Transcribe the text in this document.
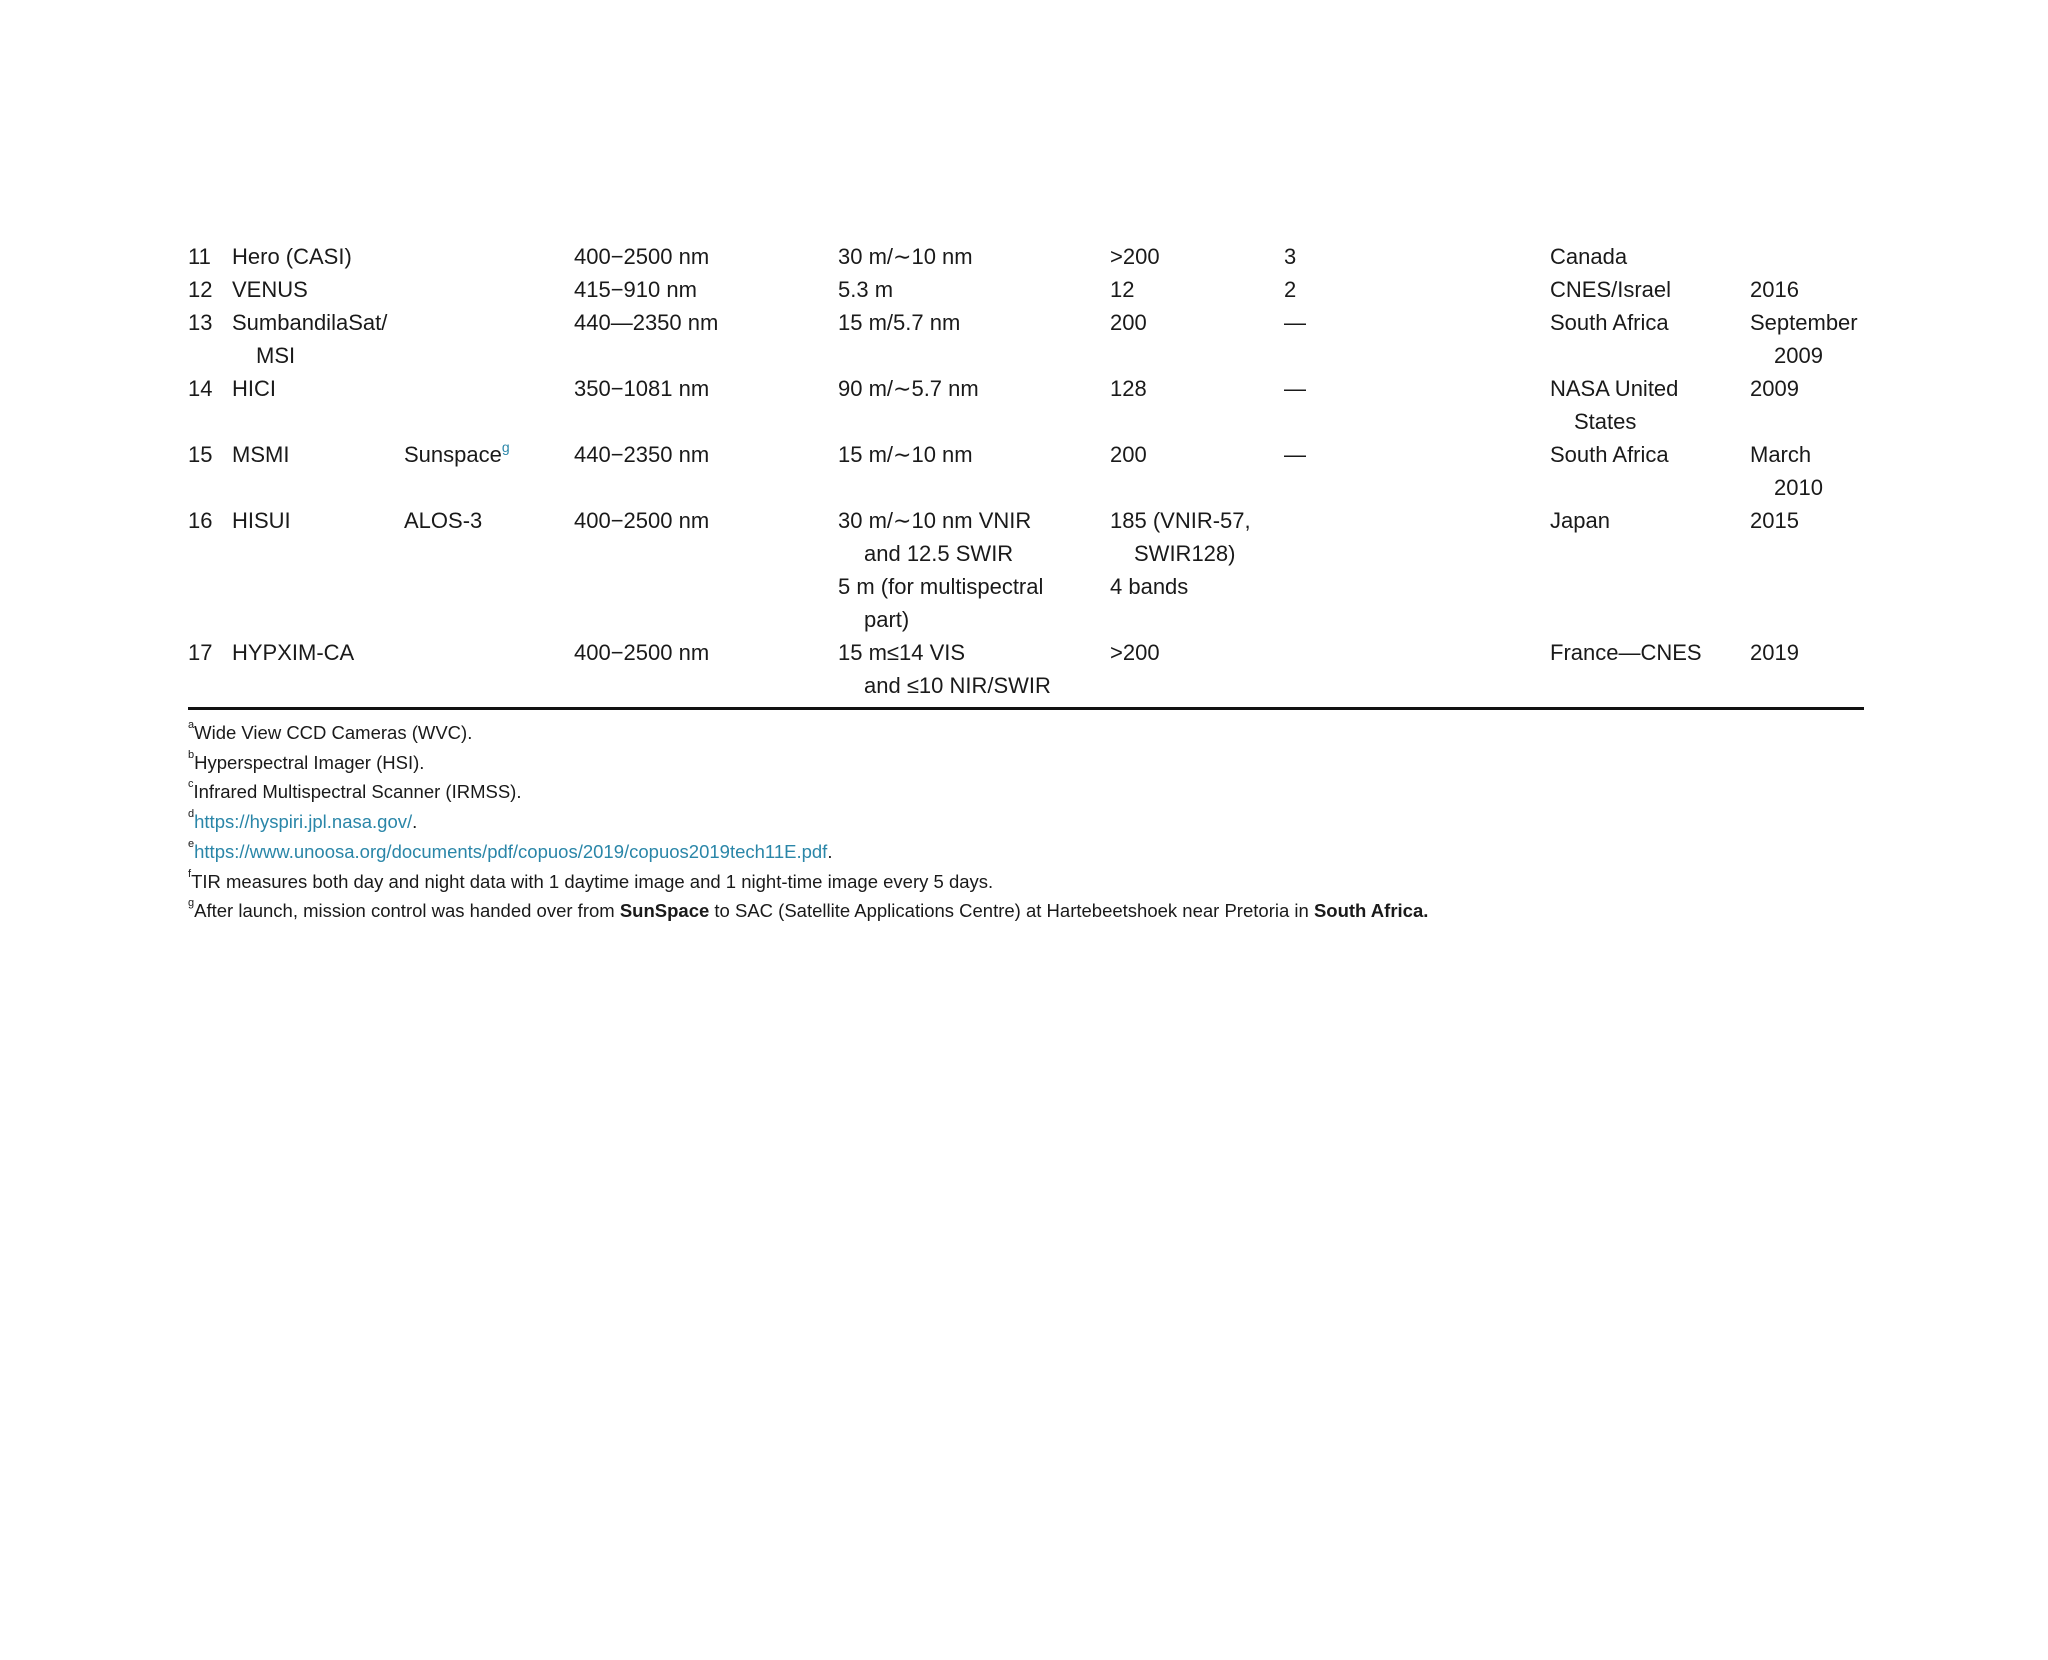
11	Hero (CASI)		400−2500 nm	30 m/∼10 nm	>200	3	Canada	

12	VENUS		415−910 nm	5.3 m	12	2	CNES/Israel	2016

13	SumbandilaSat/
MSI		440—2350 nm	15 m/5.7 nm	200	—	South Africa	September
2009

14	HICI		350−1081 nm	90 m/∼5.7 nm	128	—	NASA United
States	2009

15	MSMI	Sunspace$^g$	440−2350 nm	15 m/∼10 nm	200	—	South Africa	March
2010

16	HISUI	ALOS-3	400−2500 nm	30 m/∼10 nm VNIR
and 12.5 SWIR
5 m (for multispectral
part)	185 (VNIR-57,
SWIR128)
4 bands		Japan	2015

17	HYPXIM-CA		400−2500 nm	15 m≤14 VIS
and ≤10 NIR/SWIR	>200		France—CNES	2019
$^a$Wide View CCD Cameras (WVC).
$^b$Hyperspectral Imager (HSI).
$^c$Infrared Multispectral Scanner (IRMSS).
$^d$https://hyspiri.jpl.nasa.gov/.
$^e$https://www.unoosa.org/documents/pdf/copuos/2019/copuos2019tech11E.pdf.
$^f$TIR measures both day and night data with 1 daytime image and 1 night-time image every 5 days.
$^g$After launch, mission control was handed over from SunSpace to SAC (Satellite Applications Centre) at Hartebeetshoek near Pretoria in South Africa.
